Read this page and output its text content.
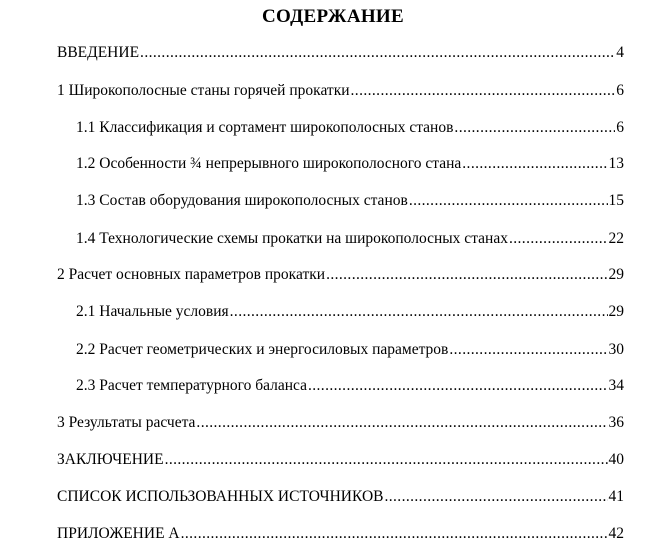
СОДЕРЖАНИЕ
ВВЕДЕНИЕ .....	4
1 Широкополосные станы горячей прокатки .....	6
1.1 Классификация и сортамент широкополосных станов .....	6
1.2 Особенности ¾ непрерывного широкополосного стана .....	13
1.3 Состав оборудования широкополосных станов .....	15
1.4 Технологические схемы прокатки на широкополосных станах .....	22
2 Расчет основных параметров прокатки .....	29
2.1 Начальные условия .....	29
2.2 Расчет геометрических и энергосиловых параметров .....	30
2.3 Расчет температурного баланса .....	34
3 Результаты расчета .....	36
ЗАКЛЮЧЕНИЕ .....	40
СПИСОК ИСПОЛЬЗОВАННЫХ ИСТОЧНИКОВ .....	41
ПРИЛОЖЕНИЕ А .....	42
